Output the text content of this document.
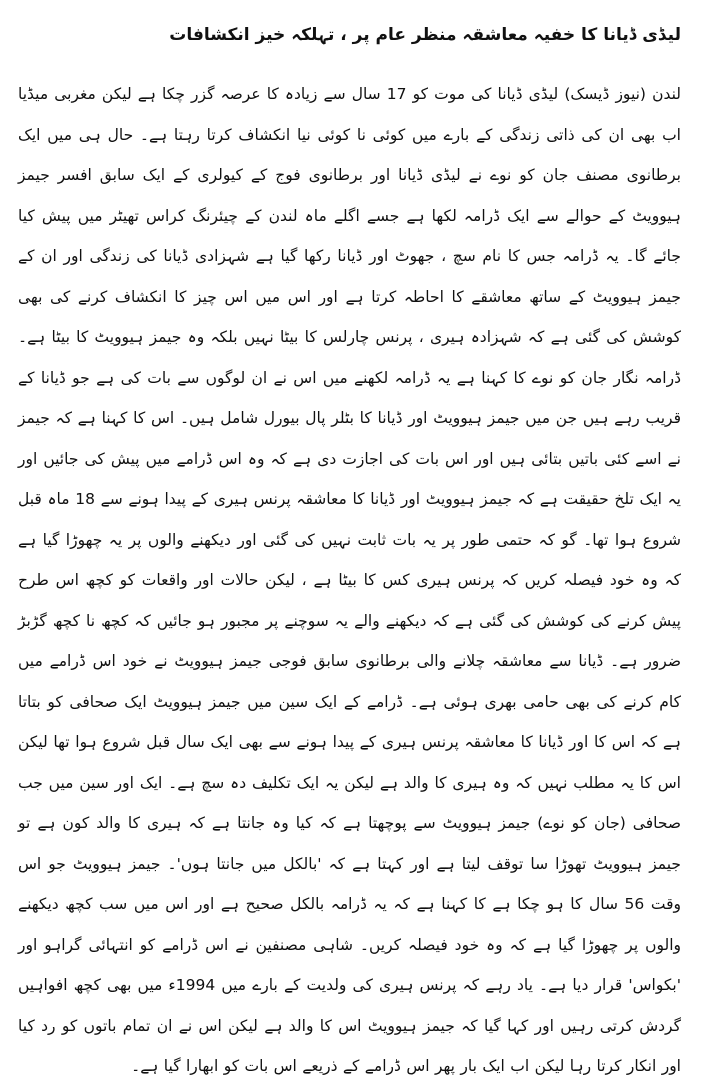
لیڈی ڈیانا کا خفیہ معاشقہ منظر عام پر ، تہلکہ خیز انکشافات

لندن (نیوز ڈیسک) لیڈی ڈیانا کی موت کو 17 سال سے زیادہ کا عرصہ گزر چکا ہے لیکن مغربی میڈیا اب بھی ان کی ذاتی زندگی کے بارے میں کوئی نا کوئی نیا انکشاف کرتا رہتا ہے۔ حال ہی میں ایک برطانوی مصنف جان کو نوے نے لیڈی ڈیانا اور برطانوی فوج کے کیولری کے ایک سابق افسر جیمز ہیوویٹ کے حوالے سے ایک ڈرامہ لکھا ہے جسے اگلے ماہ لندن کے چیئرنگ کراس تھیٹر میں پیش کیا جائے گا۔ یہ ڈرامہ جس کا نام سچ ، جھوٹ اور ڈیانا رکھا گیا ہے شہزادی ڈیانا کی زندگی اور ان کے جیمز ہیوویٹ کے ساتھ معاشقے کا احاطہ کرتا ہے اور اس میں اس چیز کا انکشاف کرنے کی بھی کوشش کی گئی ہے کہ شہزادہ ہیری ، پرنس چارلس کا بیٹا نہیں بلکہ وہ جیمز ہیوویٹ کا بیٹا ہے۔ ڈرامہ نگار جان کو نوے کا کہنا ہے یہ ڈرامہ لکھنے میں اس نے ان لوگوں سے بات کی ہے جو ڈیانا کے قریب رہے ہیں جن میں جیمز ہیوویٹ اور ڈیانا کا بٹلر پال بیورل شامل ہیں۔ اس کا کہنا ہے کہ جیمز نے اسے کئی باتیں بتائی ہیں اور اس بات کی اجازت دی ہے کہ وہ اس ڈرامے میں پیش کی جائیں اور یہ ایک تلخ حقیقت ہے کہ جیمز ہیوویٹ اور ڈیانا کا معاشقہ پرنس ہیری کے پیدا ہونے سے 18 ماہ قبل شروع ہوا تھا۔ گو کہ حتمی طور پر یہ بات ثابت نہیں کی گئی اور دیکھنے والوں پر یہ چھوڑا گیا ہے کہ وہ خود فیصلہ کریں کہ پرنس ہیری کس کا بیٹا ہے ، لیکن حالات اور واقعات کو کچھ اس طرح پیش کرنے کی کوشش کی گئی ہے کہ دیکھنے والے یہ سوچنے پر مجبور ہو جائیں کہ کچھ نا کچھ گڑبڑ ضرور ہے۔ ڈیانا سے معاشقہ چلانے والی برطانوی سابق فوجی جیمز ہیوویٹ نے خود اس ڈرامے میں کام کرنے کی بھی حامی بھری ہوئی ہے۔ ڈرامے کے ایک سین میں جیمز ہیوویٹ ایک صحافی کو بتاتا ہے کہ اس کا اور ڈیانا کا معاشقہ پرنس ہیری کے پیدا ہونے سے بھی ایک سال قبل شروع ہوا تھا لیکن اس کا یہ مطلب نہیں کہ وہ ہیری کا والد ہے لیکن یہ ایک تکلیف دہ سچ ہے۔ ایک اور سین میں جب صحافی (جان کو نوے) جیمز ہیوویٹ سے پوچھتا ہے کہ کیا وہ جانتا ہے کہ ہیری کا والد کون ہے تو جیمز ہیوویٹ تھوڑا سا توقف لیتا ہے اور کہتا ہے کہ 'بالکل میں جانتا ہوں'۔ جیمز ہیوویٹ جو اس وقت 56 سال کا ہو چکا ہے کا کہنا ہے کہ یہ ڈرامہ بالکل صحیح ہے اور اس میں سب کچھ دیکھنے والوں پر چھوڑا گیا ہے کہ وہ خود فیصلہ کریں۔ شاہی مصنفین نے اس ڈرامے کو انتہائی گراہو اور 'بکواس' قرار دیا ہے۔ یاد رہے کہ پرنس ہیری کی ولدیت کے بارے میں 1994ء میں بھی کچھ افواہیں گردش کرتی رہیں اور کہا گیا کہ جیمز ہیوویٹ اس کا والد ہے لیکن اس نے ان تمام باتوں کو رد کیا اور انکار کرتا رہا لیکن اب ایک بار پھر اس ڈرامے کے ذریعے اس بات کو ابھارا گیا ہے۔
